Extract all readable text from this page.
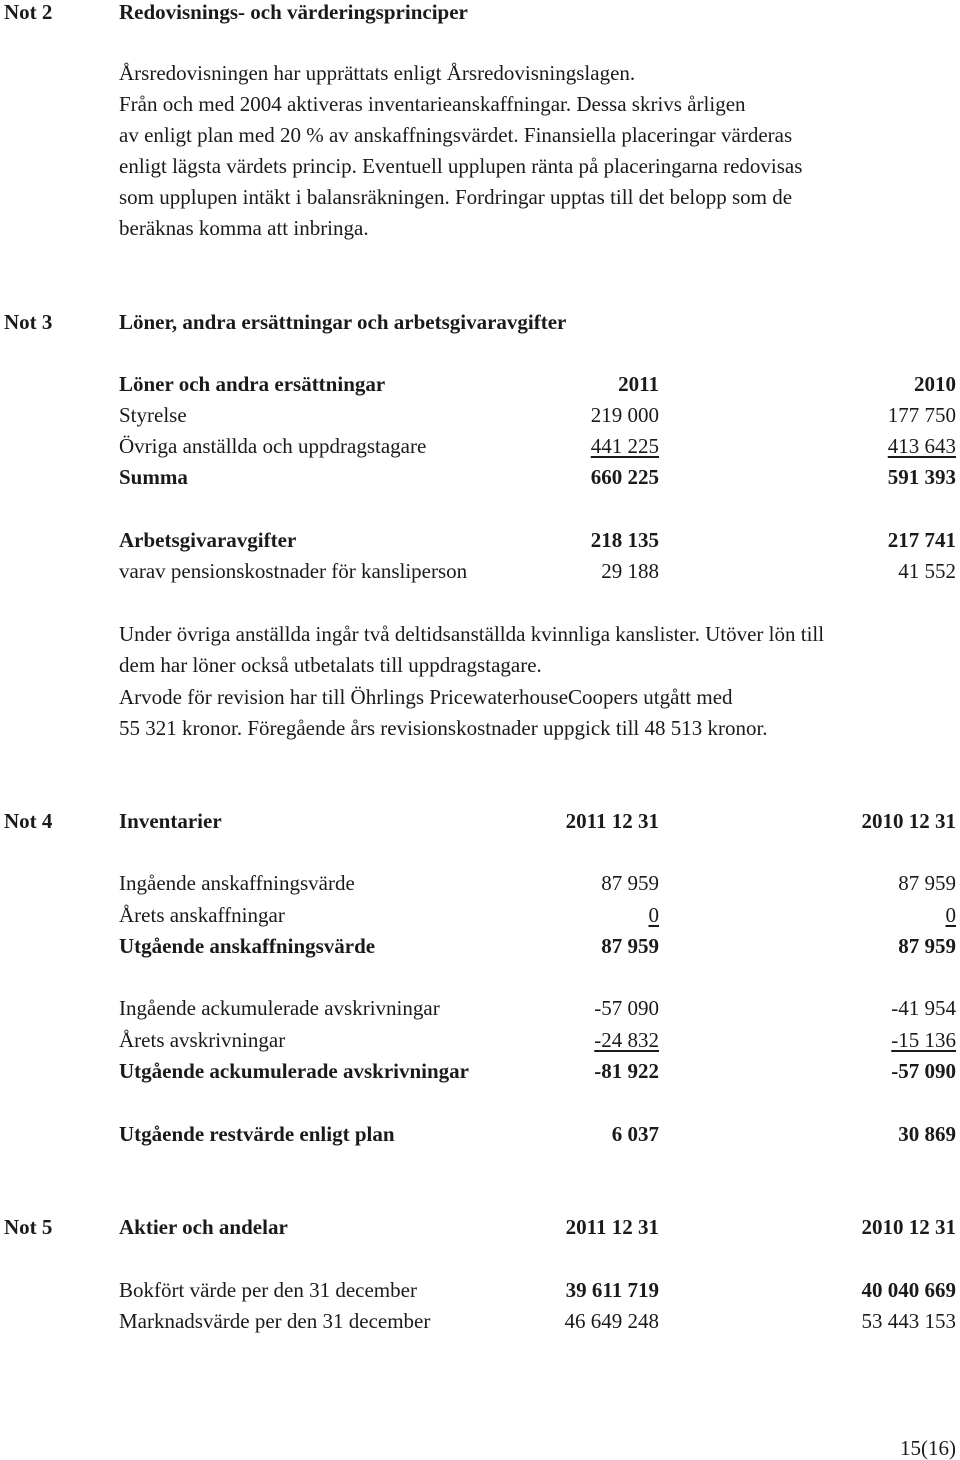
Not 2	Redovisnings- och värderingsprinciper
Årsredovisningen har upprättats enligt Årsredovisningslagen.
Från och med 2004 aktiveras inventarieanskaffningar. Dessa skrivs årligen
av enligt plan med 20 % av anskaffningsvärdet. Finansiella placeringar värderas
enligt lägsta värdets princip. Eventuell upplupen ränta på placeringarna redovisas
som upplupen intäkt i balansräkningen. Fordringar upptas till det belopp som de
beräknas komma att inbringa.
Not 3	Löner, andra ersättningar och arbetsgivaravgifter
Löner och andra ersättningar	2011	2010
Styrelse	219 000	177 750
Övriga anställda och uppdragstagare	441 225	413 643
Summa	660 225	591 393
Arbetsgivaravgifter	218 135	217 741
varav pensionskostnader för kansliperson	29 188	41 552
Under övriga anställda ingår två deltidsanställda kvinnliga kanslister. Utöver lön till
dem har löner också utbetalats till uppdragstagare.
Arvode för revision har till Öhrlings PricewaterhouseCoopers utgått med
55 321 kronor. Föregående års revisionskostnader uppgick till 48 513 kronor.
Not 4	Inventarier	2011 12 31	2010 12 31
Ingående anskaffningsvärde	87 959	87 959
Årets anskaffningar	0	0
Utgående anskaffningsvärde	87 959	87 959
Ingående ackumulerade avskrivningar	-57 090	-41 954
Årets avskrivningar	-24 832	-15 136
Utgående ackumulerade avskrivningar	-81 922	-57 090
Utgående restvärde enligt plan	6 037	30 869
Not 5	Aktier och andelar	2011 12 31	2010 12 31
Bokfört värde per den 31 december	39 611 719	40 040 669
Marknadsvärde per den 31 december	46 649 248	53 443 153
15(16)
